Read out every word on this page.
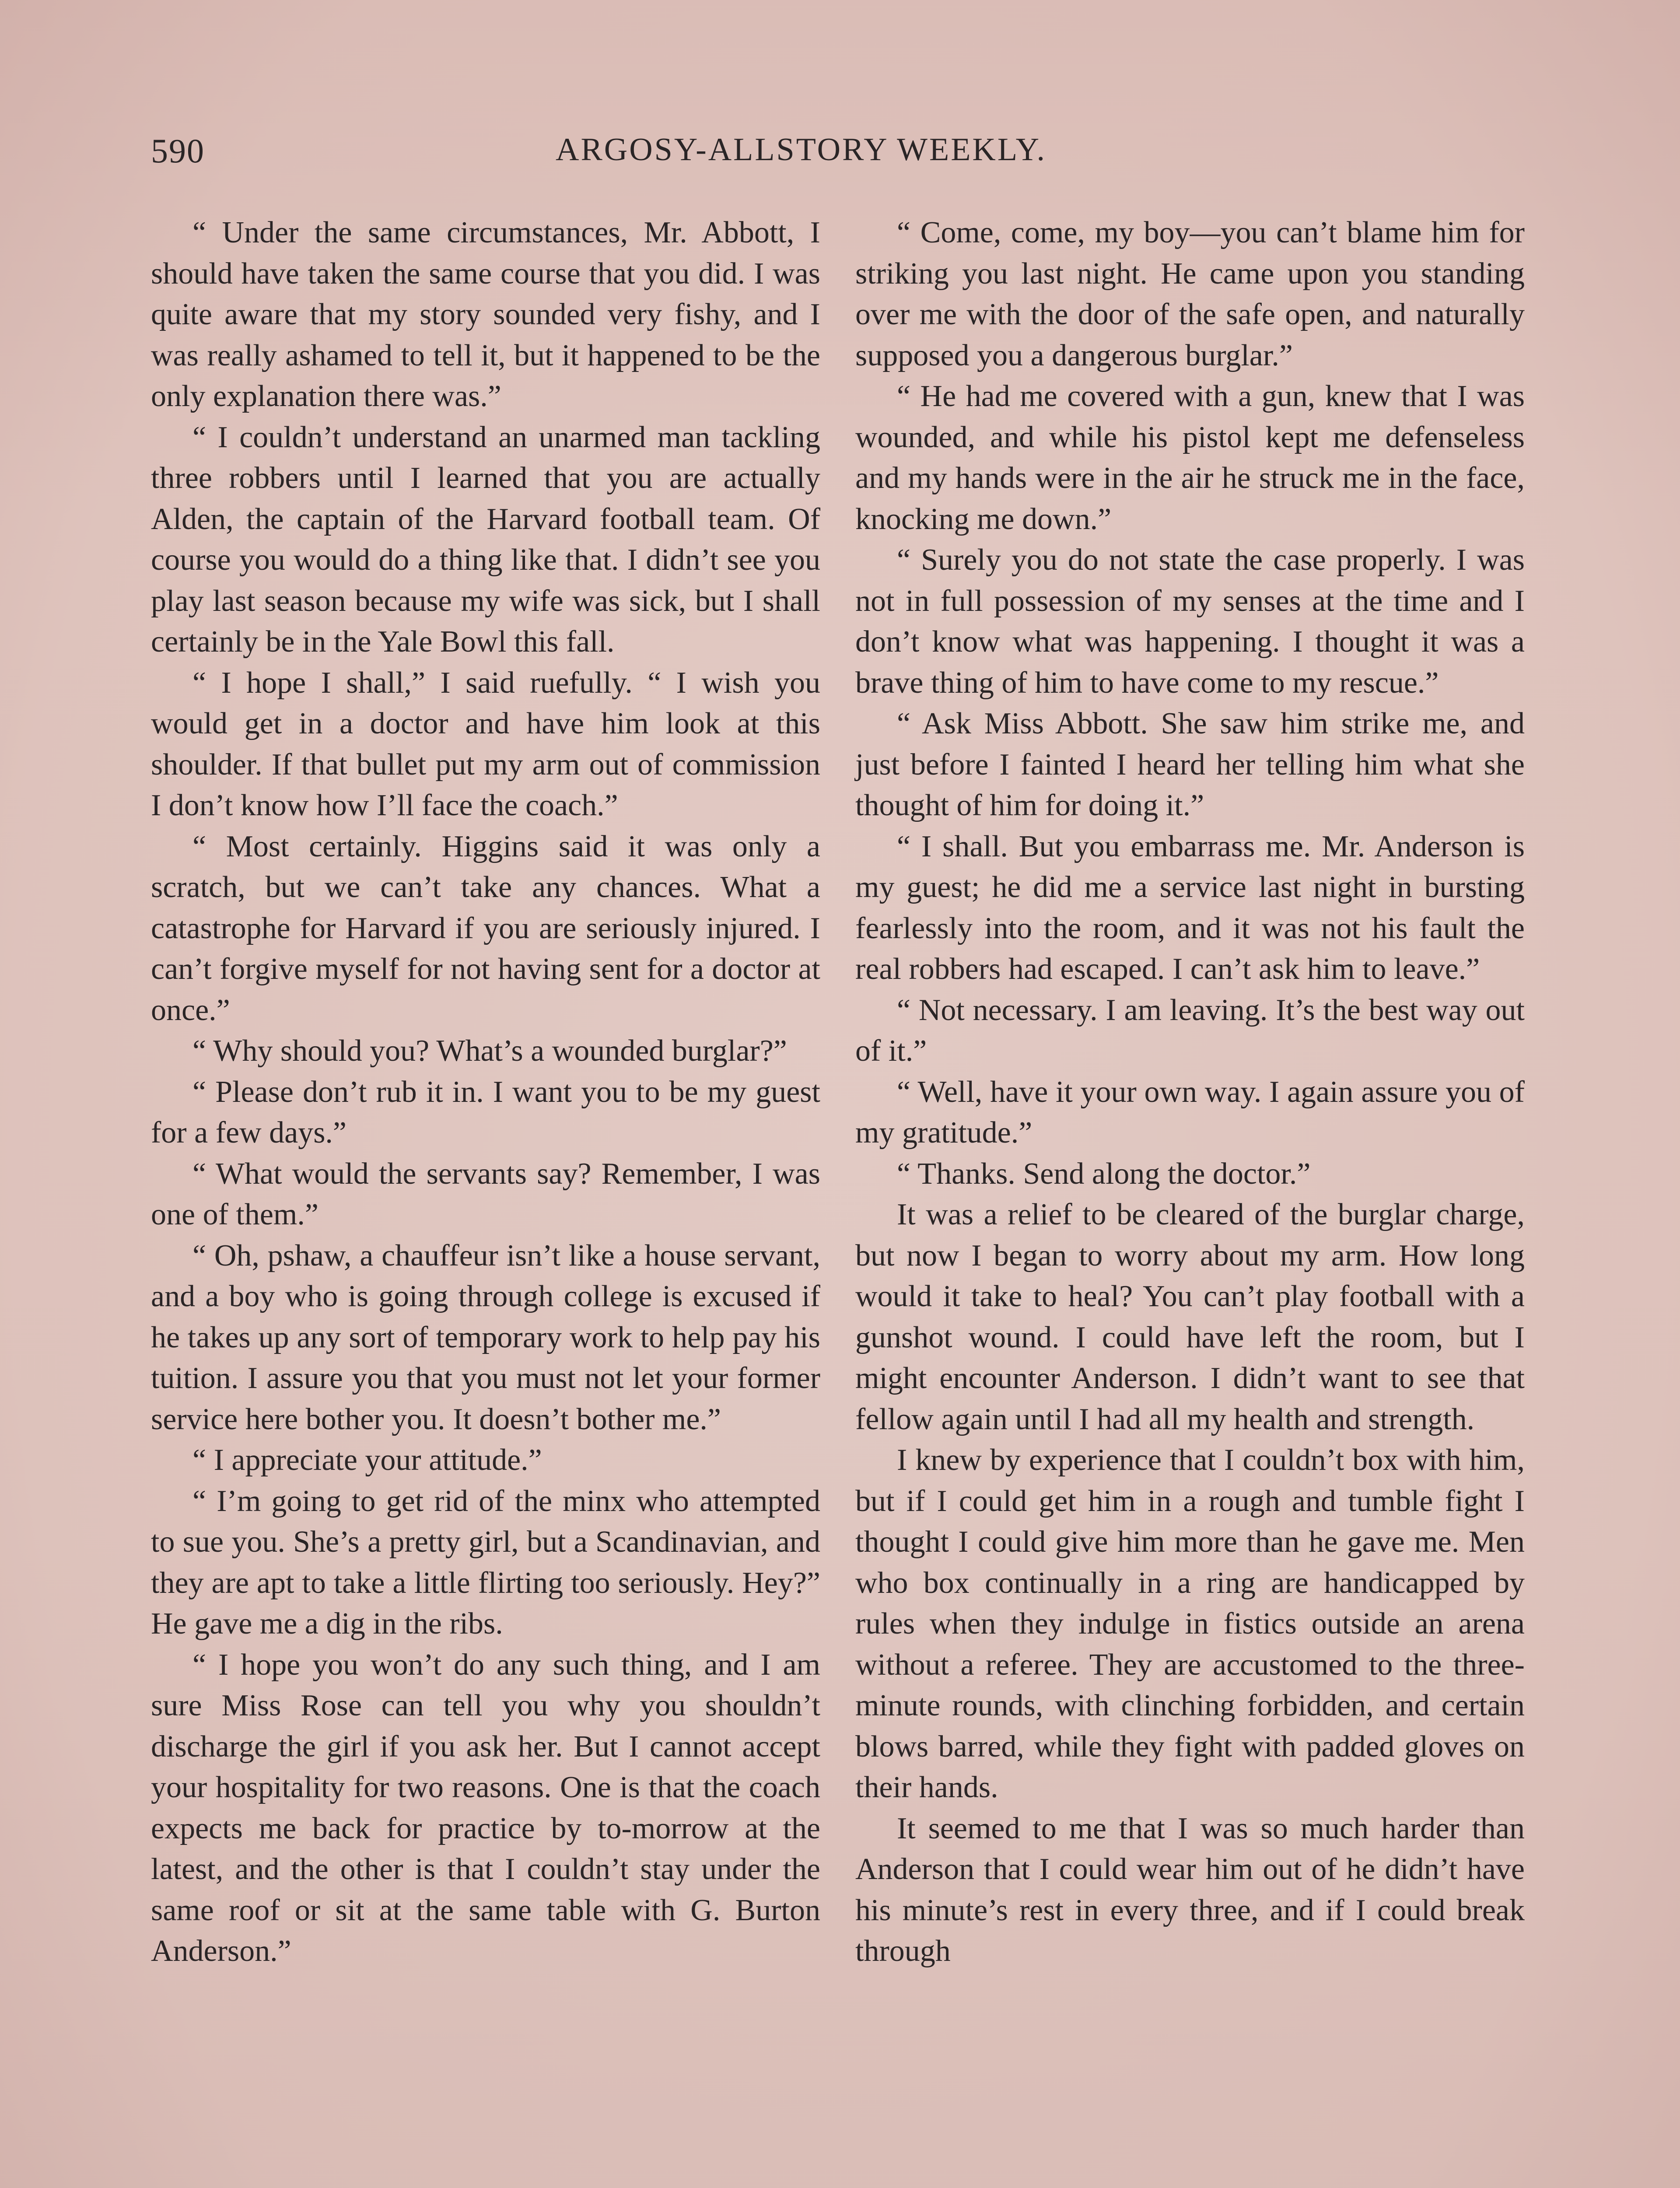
590	ARGOSY-ALLSTORY WEEKLY.

“ Under the same circumstances, Mr. Abbott, I should have taken the same course that you did. I was quite aware that my story sounded very fishy, and I was really ashamed to tell it, but it happened to be the only explanation there was.”

“ I couldn’t understand an unarmed man tackling three robbers until I learned that you are actually Alden, the captain of the Harvard football team. Of course you would do a thing like that. I didn’t see you play last season because my wife was sick, but I shall certainly be in the Yale Bowl this fall.

“ I hope I shall,” I said ruefully. “ I wish you would get in a doctor and have him look at this shoulder. If that bullet put my arm out of commission I don’t know how I’ll face the coach.”

“ Most certainly. Higgins said it was only a scratch, but we can’t take any chances. What a catastrophe for Harvard if you are seriously injured. I can’t forgive myself for not having sent for a doctor at once.”

“ Why should you? What’s a wounded burglar?”

“ Please don’t rub it in. I want you to be my guest for a few days.”

“ What would the servants say? Remember, I was one of them.”

“ Oh, pshaw, a chauffeur isn’t like a house servant, and a boy who is going through college is excused if he takes up any sort of temporary work to help pay his tuition. I assure you that you must not let your former service here bother you. It doesn’t bother me.”

“ I appreciate your attitude.”

“ I’m going to get rid of the minx who attempted to sue you. She’s a pretty girl, but a Scandinavian, and they are apt to take a little flirting too seriously. Hey?” He gave me a dig in the ribs.

“ I hope you won’t do any such thing, and I am sure Miss Rose can tell you why you shouldn’t discharge the girl if you ask her. But I cannot accept your hospitality for two reasons. One is that the coach expects me back for practice by to-morrow at the latest, and the other is that I couldn’t stay under the same roof or sit at the same table with G. Burton Anderson.”

“ Come, come, my boy—you can’t blame him for striking you last night. He came upon you standing over me with the door of the safe open, and naturally supposed you a dangerous burglar.”

“ He had me covered with a gun, knew that I was wounded, and while his pistol kept me defenseless and my hands were in the air he struck me in the face, knocking me down.”

“ Surely you do not state the case properly. I was not in full possession of my senses at the time and I don’t know what was happening. I thought it was a brave thing of him to have come to my rescue.”

“ Ask Miss Abbott. She saw him strike me, and just before I fainted I heard her telling him what she thought of him for doing it.”

“ I shall. But you embarrass me. Mr. Anderson is my guest; he did me a service last night in bursting fearlessly into the room, and it was not his fault the real robbers had escaped. I can’t ask him to leave.”

“ Not necessary. I am leaving. It’s the best way out of it.”

“ Well, have it your own way. I again assure you of my gratitude.”

“ Thanks. Send along the doctor.”

It was a relief to be cleared of the burglar charge, but now I began to worry about my arm. How long would it take to heal? You can’t play football with a gunshot wound. I could have left the room, but I might encounter Anderson. I didn’t want to see that fellow again until I had all my health and strength.

I knew by experience that I couldn’t box with him, but if I could get him in a rough and tumble fight I thought I could give him more than he gave me. Men who box continually in a ring are handicapped by rules when they indulge in fistics outside an arena without a referee. They are accustomed to the three-minute rounds, with clinching forbidden, and certain blows barred, while they fight with padded gloves on their hands.

It seemed to me that I was so much harder than Anderson that I could wear him out of he didn’t have his minute’s rest in every three, and if I could break through
